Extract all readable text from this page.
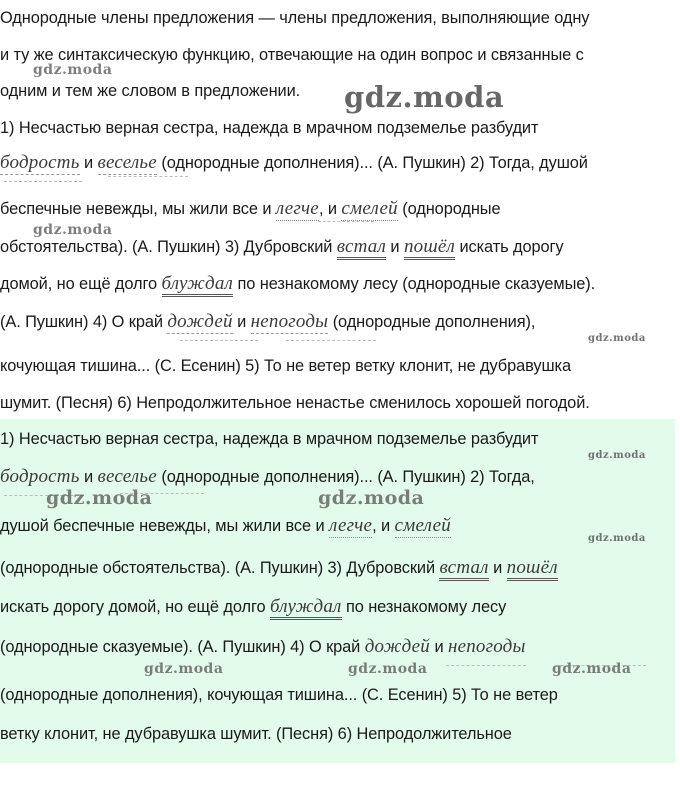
Однородные члены предложения — члены предложения, выполняющие одну
и ту же синтаксическую функцию, отвечающие на один вопрос и связанные с
одним и тем же словом в предложении.
1) Несчастью верная сестра, надежда в мрачном подземелье разбудит
бодрость и веселье (однородные дополнения)... (А. Пушкин) 2) Тогда, душой
беспечные невежды, мы жили все и легче, и смелей (однородные
обстоятельства). (А. Пушкин) 3) Дубровский встал и пошёл искать дорогу
домой, но ещё долго блуждал по незнакомому лесу (однородные сказуемые).
(А. Пушкин) 4) О край дождей и непогоды (однородные дополнения),
кочующая тишина... (С. Есенин) 5) То не ветер ветку клонит, не дубравушка
шумит. (Песня) 6) Непродолжительное ненастье сменилось хорошей погодой.
1) Несчастью верная сестра, надежда в мрачном подземелье разбудит
бодрость и веселье (однородные дополнения)... (А. Пушкин) 2) Тогда,
душой беспечные невежды, мы жили все и легче, и смелей
(однородные обстоятельства). (А. Пушкин) 3) Дубровский встал и пошёл
искать дорогу домой, но ещё долго блуждал по незнакомому лесу
(однородные сказуемые). (А. Пушкин) 4) О край дождей и непогоды
(однородные дополнения), кочующая тишина... (С. Есенин) 5) То не ветер
ветку клонит, не дубравушка шумит. (Песня) 6) Непродолжительное
gdz.moda
gdz.moda
gdz.moda
gdz.moda
gdz.moda
gdz.moda	gdz.moda
gdz.moda
gdz.moda	gdz.moda	gdz.moda
